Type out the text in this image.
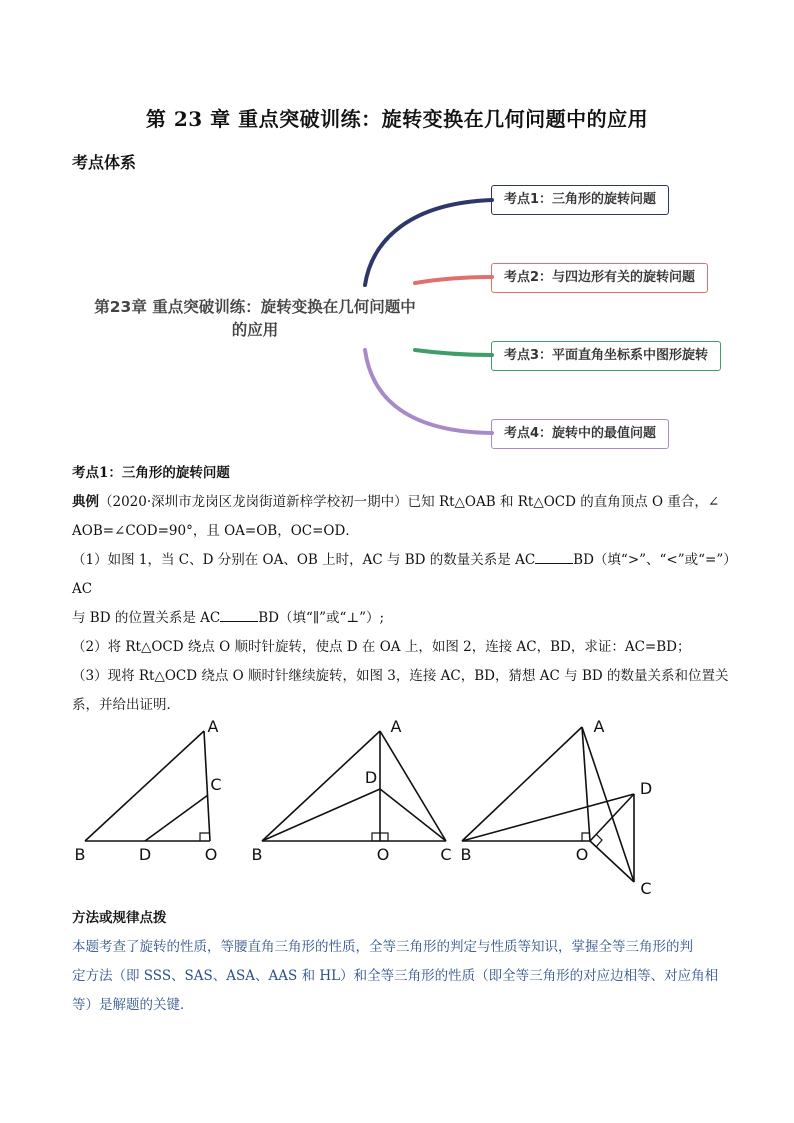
第 23 章 重点突破训练：旋转变换在几何问题中的应用
考点体系
第23章 重点突破训练：旋转变换在几何问题中
的应用
考点1：三角形的旋转问题
考点2：与四边形有关的旋转问题
考点3：平面直角坐标系中图形旋转
考点4：旋转中的最值问题
考点1：三角形的旋转问题
典例（2020·深圳市龙岗区龙岗街道新梓学校初一期中）已知 Rt△OAB 和 Rt△OCD 的直角顶点 O 重合，∠
AOB=∠COD=90°，且 OA=OB，OC=OD．
（1）如图 1，当 C、D 分别在 OA、OB 上时，AC 与 BD 的数量关系是 AC	BD（填“>”、“<”或“=”）AC
与 BD 的位置关系是 AC	BD（填“∥”或“⊥”）;
（2）将 Rt△OCD 绕点 O 顺时针旋转，使点 D 在 OA 上，如图 2，连接 AC，BD，求证：AC=BD；
（3）现将 Rt△OCD 绕点 O 顺时针继续旋转，如图 3，连接 AC，BD，猜想 AC 与 BD 的数量关系和位置关
系，并给出证明．
A
C
B	D	O
A
D
B	O	C
A
D
B	O
C
方法或规律点拨
本题考查了旋转的性质，等腰直角三角形的性质，全等三角形的判定与性质等知识，掌握全等三角形的判
定方法（即 SSS、SAS、ASA、AAS 和 HL）和全等三角形的性质（即全等三角形的对应边相等、对应角相
等）是解题的关键．
